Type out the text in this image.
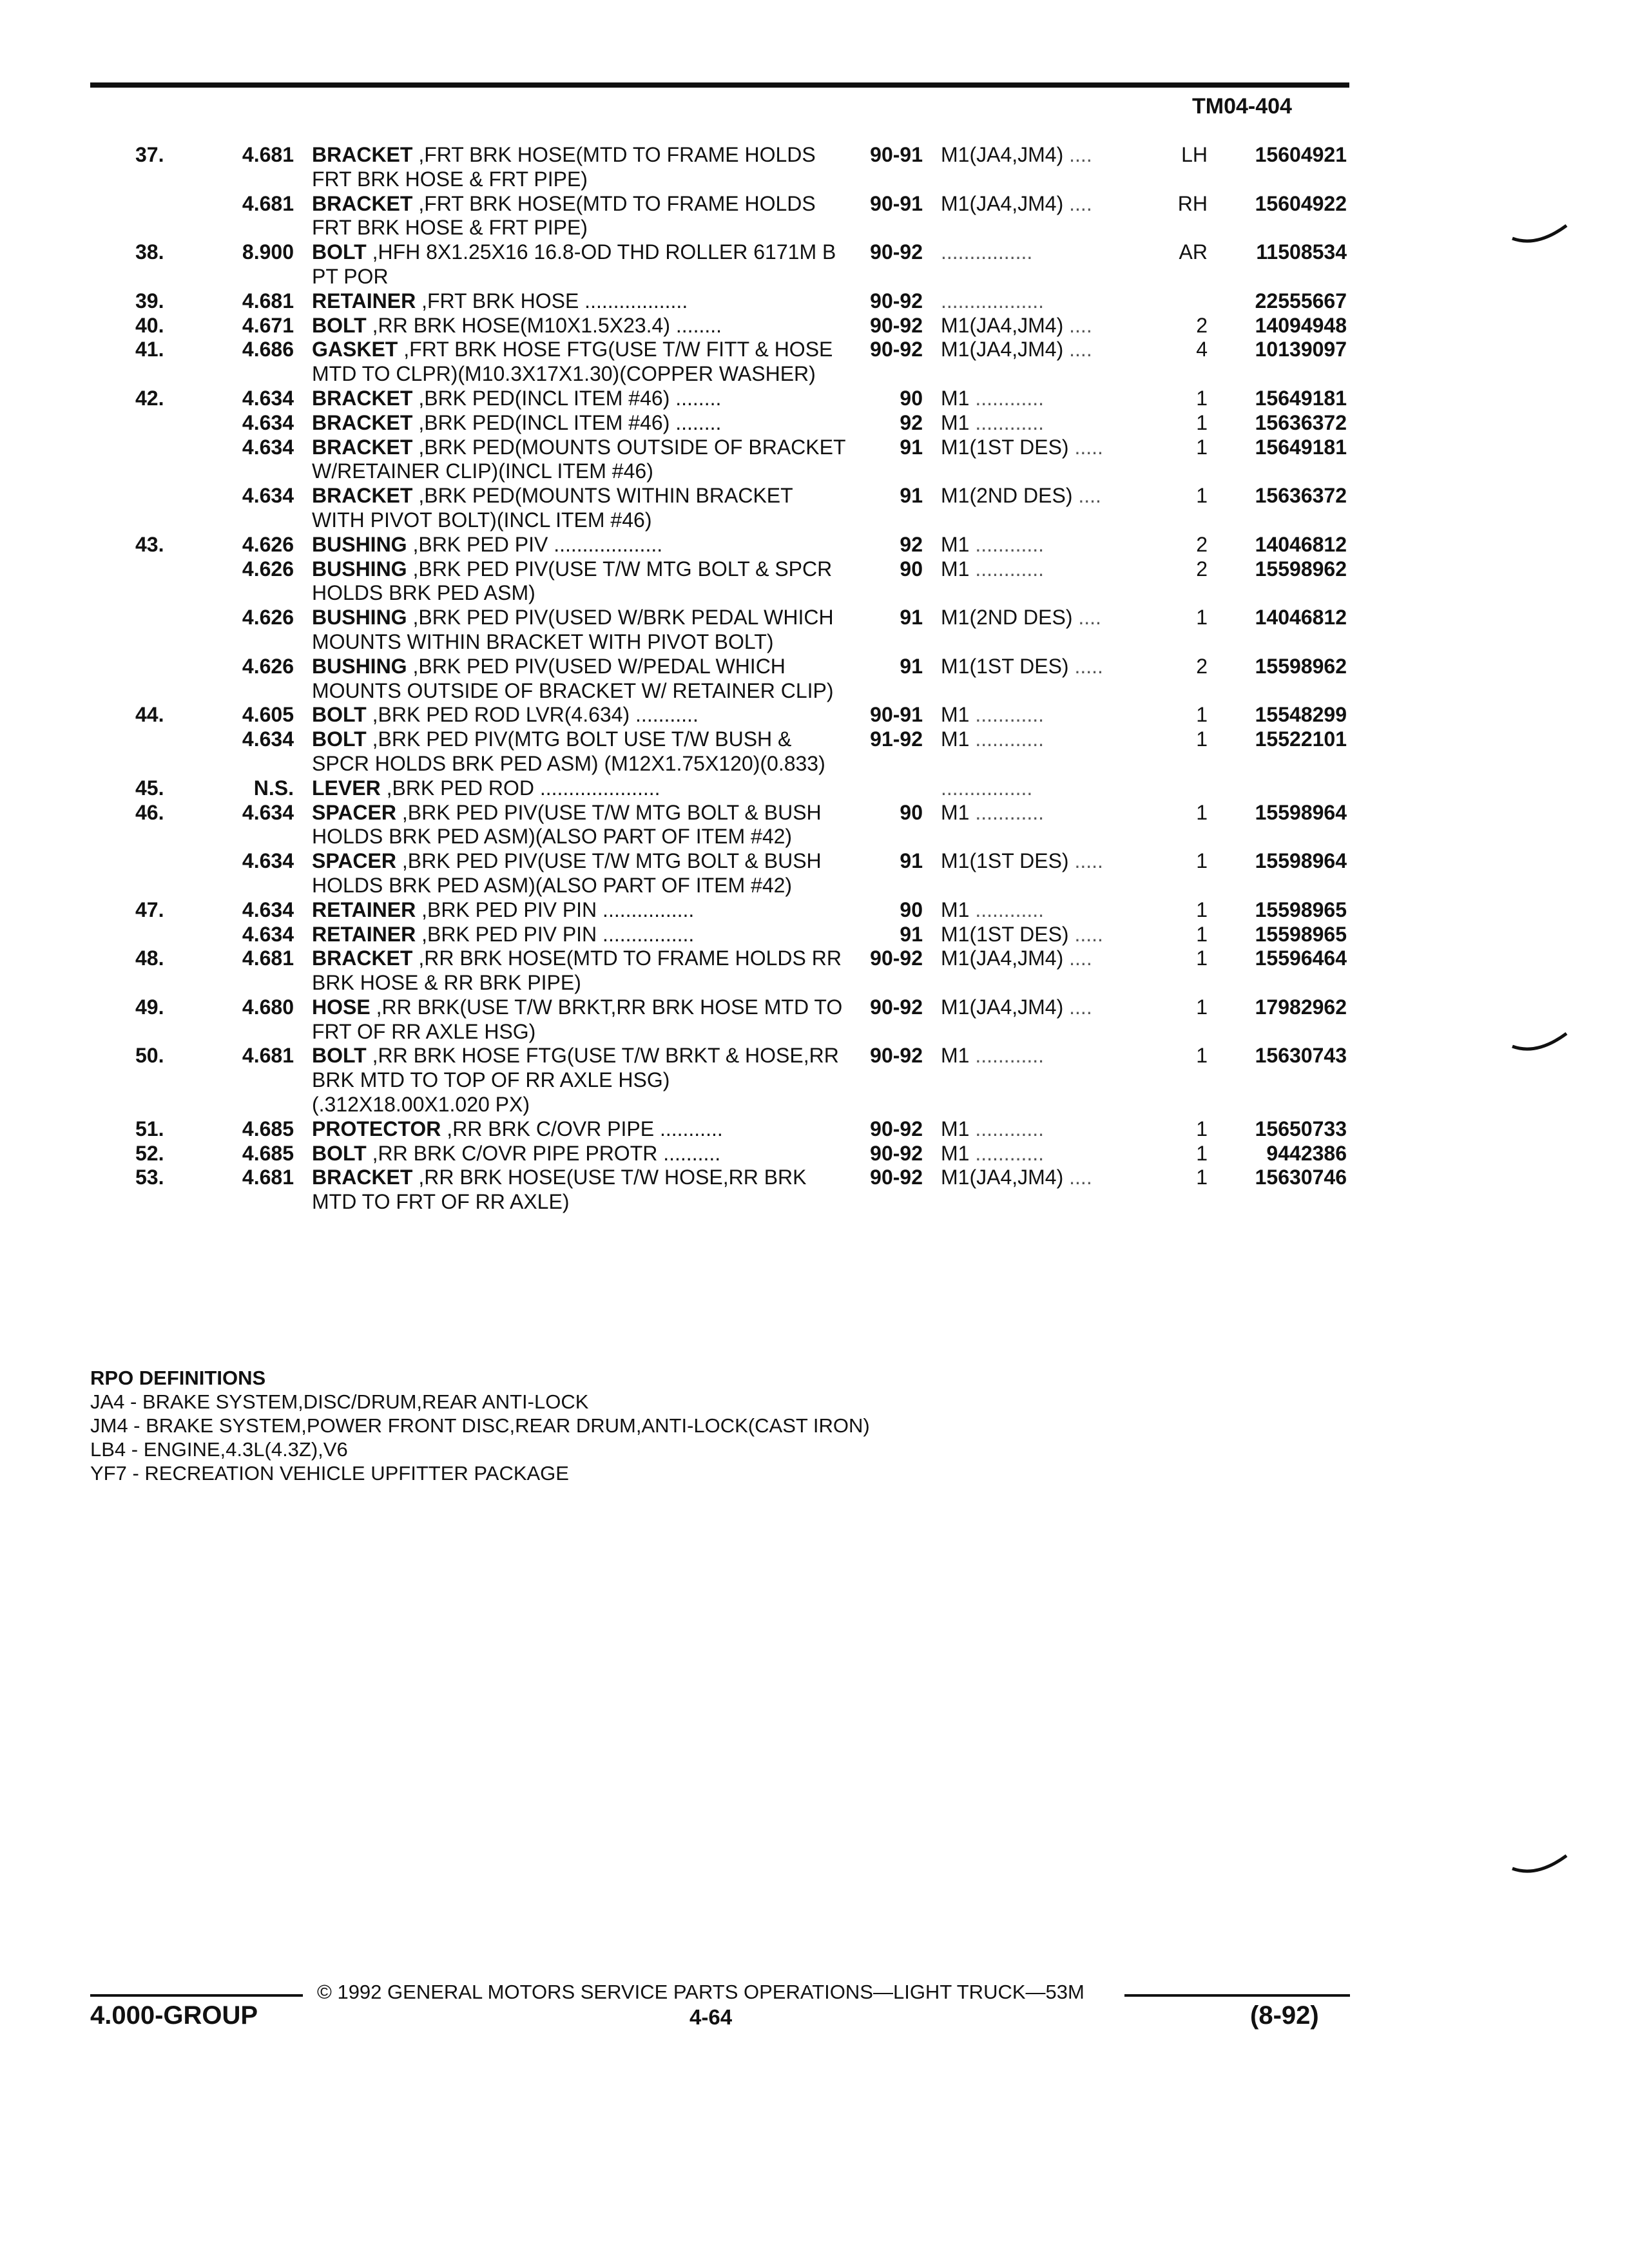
TM04-404
37.	4.681 BRACKET ,FRT BRK HOSE(MTD TO FRAME HOLDS FRT BRK HOSE & FRT PIPE)
90-91 M1(JA4,JM4) ....	LH	15604921
4.681 BRACKET ,FRT BRK HOSE(MTD TO FRAME HOLDS FRT BRK HOSE & FRT PIPE)
90-91 M1(JA4,JM4) ....	RH	15604922
38.	8.900 BOLT ,HFH 8X1.25X16 16.8-OD THD ROLLER 6171M B PT POR
90-92 ................	AR	11508534
39.	4.681 RETAINER ,FRT BRK HOSE ..................	90-92 ..................	22555667
40.	4.671 BOLT ,RR BRK HOSE(M10X1.5X23.4) ........	90-92 M1(JA4,JM4) ....	2	14094948
41.	4.686 GASKET ,FRT BRK HOSE FTG(USE T/W FITT & HOSE MTD TO CLPR)(M10.3X17X1.30)(COPPER WASHER)
90-92 M1(JA4,JM4) ....	4	10139097
42.	4.634 BRACKET ,BRK PED(INCL ITEM #46) ........	90 M1 ............	1	15649181
4.634 BRACKET ,BRK PED(INCL ITEM #46) ........	92 M1 ............	1	15636372
4.634 BRACKET ,BRK PED(MOUNTS OUTSIDE OF BRACKET W/RETAINER CLIP)(INCL ITEM #46)
91 M1(1ST DES) .....	1	15649181
4.634 BRACKET ,BRK PED(MOUNTS WITHIN BRACKET WITH PIVOT BOLT)(INCL ITEM #46)
91 M1(2ND DES) ....	1	15636372
43.	4.626 BUSHING ,BRK PED PIV ...................	92 M1 ............	2	14046812
4.626 BUSHING ,BRK PED PIV(USE T/W MTG BOLT & SPCR HOLDS BRK PED ASM)
90 M1 ............	2	15598962
4.626 BUSHING ,BRK PED PIV(USED W/BRK PEDAL WHICH MOUNTS WITHIN BRACKET WITH PIVOT BOLT)
91 M1(2ND DES) ....	1	14046812
4.626 BUSHING ,BRK PED PIV(USED W/PEDAL WHICH MOUNTS OUTSIDE OF BRACKET W/ RETAINER CLIP)
91 M1(1ST DES) .....	2	15598962
44.	4.605 BOLT ,BRK PED ROD LVR(4.634) ...........	90-91 M1 ............	1	15548299
4.634 BOLT ,BRK PED PIV(MTG BOLT USE T/W BUSH & SPCR HOLDS BRK PED ASM) (M12X1.75X120)(0.833)
91-92 M1 ............	1	15522101
45.	N.S. LEVER ,BRK PED ROD .....................	................
46.	4.634 SPACER ,BRK PED PIV(USE T/W MTG BOLT & BUSH HOLDS BRK PED ASM)(ALSO PART OF ITEM #42)
90 M1 ............	1	15598964
4.634 SPACER ,BRK PED PIV(USE T/W MTG BOLT & BUSH HOLDS BRK PED ASM)(ALSO PART OF ITEM #42)
91 M1(1ST DES) .....	1	15598964
47.	4.634 RETAINER ,BRK PED PIV PIN ................	90 M1 ............	1	15598965
4.634 RETAINER ,BRK PED PIV PIN ................	91 M1(1ST DES) .....	1	15598965
48.	4.681 BRACKET ,RR BRK HOSE(MTD TO FRAME HOLDS RR BRK HOSE & RR BRK PIPE)
90-92 M1(JA4,JM4) ....	1	15596464
49.	4.680 HOSE ,RR BRK(USE T/W BRKT,RR BRK HOSE MTD TO FRT OF RR AXLE HSG)
90-92 M1(JA4,JM4) ....	1	17982962
50.	4.681 BOLT ,RR BRK HOSE FTG(USE T/W BRKT & HOSE,RR BRK MTD TO TOP OF RR AXLE HSG) (.312X18.00X1.020 PX)
90-92 M1 ............	1	15630743
51.	4.685 PROTECTOR ,RR BRK C/OVR PIPE ...........	90-92 M1 ............	1	15650733
52.	4.685 BOLT ,RR BRK C/OVR PIPE PROTR ..........	90-92 M1 ............	1	9442386
53.	4.681 BRACKET ,RR BRK HOSE(USE T/W HOSE,RR BRK MTD TO FRT OF RR AXLE)
90-92 M1(JA4,JM4) ....	1	15630746
RPO DEFINITIONS
JA4 - BRAKE SYSTEM,DISC/DRUM,REAR ANTI-LOCK
JM4 - BRAKE SYSTEM,POWER FRONT DISC,REAR DRUM,ANTI-LOCK(CAST IRON)
LB4 - ENGINE,4.3L(4.3Z),V6
YF7 - RECREATION VEHICLE UPFITTER PACKAGE
© 1992 GENERAL MOTORS SERVICE PARTS OPERATIONS—LIGHT TRUCK—53M
4.000-GROUP	4-64	(8-92)
